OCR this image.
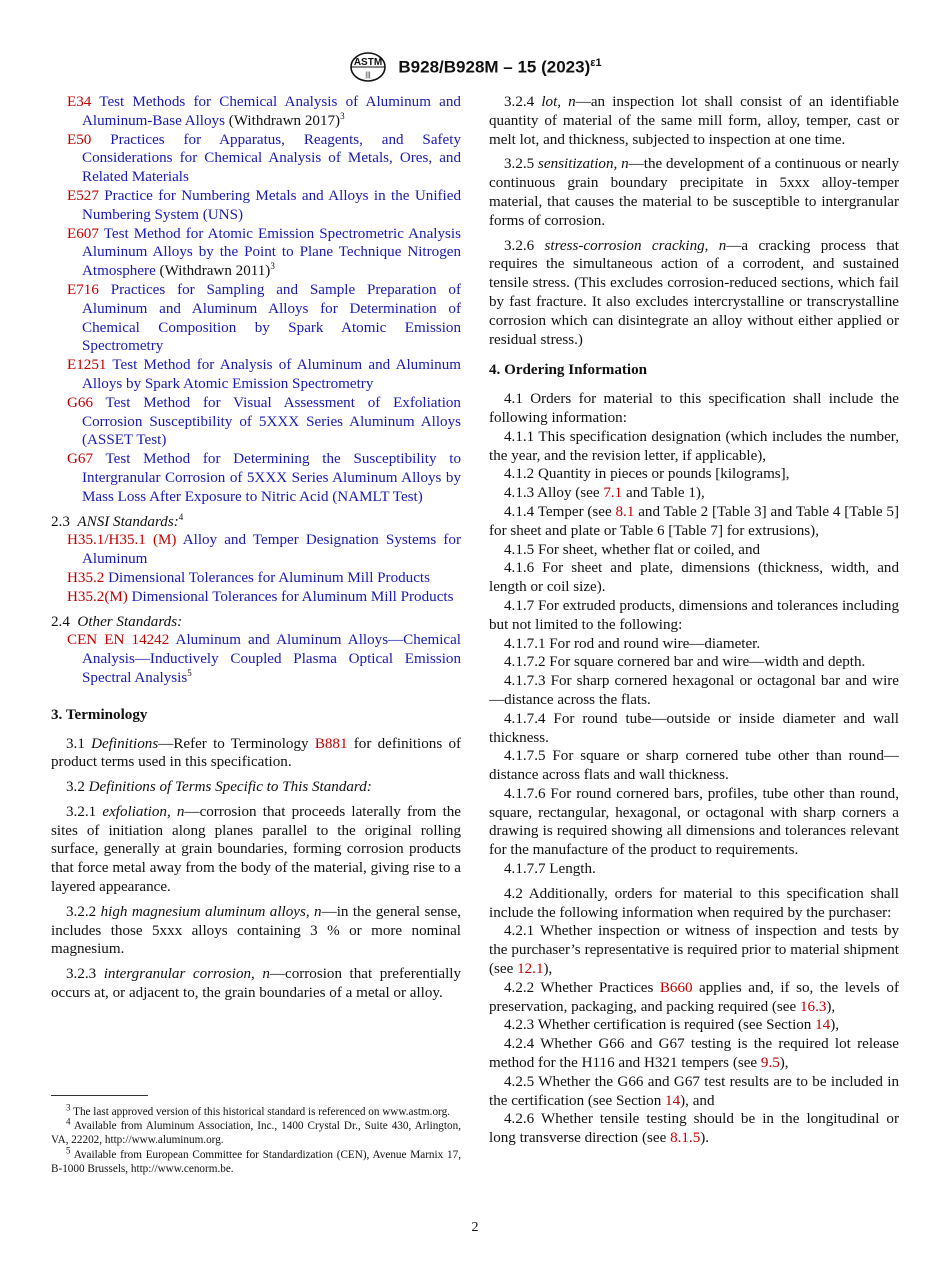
ASTM
||| B928/B928M – 15 $(2023)^{\varepsilon 1}$
E34 Test Methods for Chemical Analysis of Aluminum and Aluminum-Base Alloys (Withdrawn 2017)$^3$
E50 Practices for Apparatus, Reagents, and Safety Considerations for Chemical Analysis of Metals, Ores, and Related Materials
E527 Practice for Numbering Metals and Alloys in the Unified Numbering System (UNS)
E607 Test Method for Atomic Emission Spectrometric Analysis Aluminum Alloys by the Point to Plane Technique Nitrogen Atmosphere (Withdrawn 2011)$^3$
E716 Practices for Sampling and Sample Preparation of Aluminum and Aluminum Alloys for Determination of Chemical Composition by Spark Atomic Emission Spectrometry
E1251 Test Method for Analysis of Aluminum and Aluminum Alloys by Spark Atomic Emission Spectrometry
G66 Test Method for Visual Assessment of Exfoliation Corrosion Susceptibility of 5XXX Series Aluminum Alloys (ASSET Test)
G67 Test Method for Determining the Susceptibility to Intergranular Corrosion of 5XXX Series Aluminum Alloys by Mass Loss After Exposure to Nitric Acid (NAMLT Test)
2.3 ANSI Standards:$^4$
H35.1/H35.1 (M) Alloy and Temper Designation Systems for Aluminum
H35.2 Dimensional Tolerances for Aluminum Mill Products
H35.2(M) Dimensional Tolerances for Aluminum Mill Products
2.4 Other Standards:
CEN EN 14242 Aluminum and Aluminum Alloys—Chemical Analysis—Inductively Coupled Plasma Optical Emission Spectral Analysis$^5$
3. Terminology

3.1 Definitions—Refer to Terminology B881 for definitions of product terms used in this specification.

3.2 Definitions of Terms Specific to This Standard:

3.2.1 exfoliation, n—corrosion that proceeds laterally from the sites of initiation along planes parallel to the original rolling surface, generally at grain boundaries, forming corrosion products that force metal away from the body of the material, giving rise to a layered appearance.

3.2.2 high magnesium aluminum alloys, n—in the general sense, includes those 5xxx alloys containing 3 % or more nominal magnesium.

3.2.3 intergranular corrosion, n—corrosion that preferentially occurs at, or adjacent to, the grain boundaries of a metal or alloy.

$^3$ The last approved version of this historical standard is referenced on www.astm.org.

$^4$ Available from Aluminum Association, Inc., 1400 Crystal Dr., Suite 430, Arlington, VA, 22202, http://www.aluminum.org.

$^5$ Available from European Committee for Standardization (CEN), Avenue Marnix 17, B-1000 Brussels, http://www.cenorm.be.

3.2.4 lot, n—an inspection lot shall consist of an identifiable quantity of material of the same mill form, alloy, temper, cast or melt lot, and thickness, subjected to inspection at one time.

3.2.5 sensitization, n—the development of a continuous or nearly continuous grain boundary precipitate in 5xxx alloy-temper material, that causes the material to be susceptible to intergranular forms of corrosion.

3.2.6 stress-corrosion cracking, n—a cracking process that requires the simultaneous action of a corrodent, and sustained tensile stress. (This excludes corrosion-reduced sections, which fail by fast fracture. It also excludes intercrystalline or transcrystalline corrosion which can disintegrate an alloy without either applied or residual stress.)

4. Ordering Information

4.1 Orders for material to this specification shall include the following information:

4.1.1 This specification designation (which includes the number, the year, and the revision letter, if applicable),

4.1.2 Quantity in pieces or pounds [kilograms],

4.1.3 Alloy (see 7.1 and Table 1),

4.1.4 Temper (see 8.1 and Table 2 [Table 3] and Table 4 [Table 5] for sheet and plate or Table 6 [Table 7] for extrusions),

4.1.5 For sheet, whether flat or coiled, and

4.1.6 For sheet and plate, dimensions (thickness, width, and length or coil size).

4.1.7 For extruded products, dimensions and tolerances including but not limited to the following:

4.1.7.1 For rod and round wire—diameter.

4.1.7.2 For square cornered bar and wire—width and depth.

4.1.7.3 For sharp cornered hexagonal or octagonal bar and wire—distance across the flats.

4.1.7.4 For round tube—outside or inside diameter and wall thickness.

4.1.7.5 For square or sharp cornered tube other than round—distance across flats and wall thickness.

4.1.7.6 For round cornered bars, profiles, tube other than round, square, rectangular, hexagonal, or octagonal with sharp corners a drawing is required showing all dimensions and tolerances relevant for the manufacture of the product to requirements.

4.1.7.7 Length.

4.2 Additionally, orders for material to this specification shall include the following information when required by the purchaser:

4.2.1 Whether inspection or witness of inspection and tests by the purchaser’s representative is required prior to material shipment (see 12.1),

4.2.2 Whether Practices B660 applies and, if so, the levels of preservation, packaging, and packing required (see 16.3),

4.2.3 Whether certification is required (see Section 14),

4.2.4 Whether G66 and G67 testing is the required lot release method for the H116 and H321 tempers (see 9.5),

4.2.5 Whether the G66 and G67 test results are to be included in the certification (see Section 14), and

4.2.6 Whether tensile testing should be in the longitudinal or long transverse direction (see 8.1.5).

2
